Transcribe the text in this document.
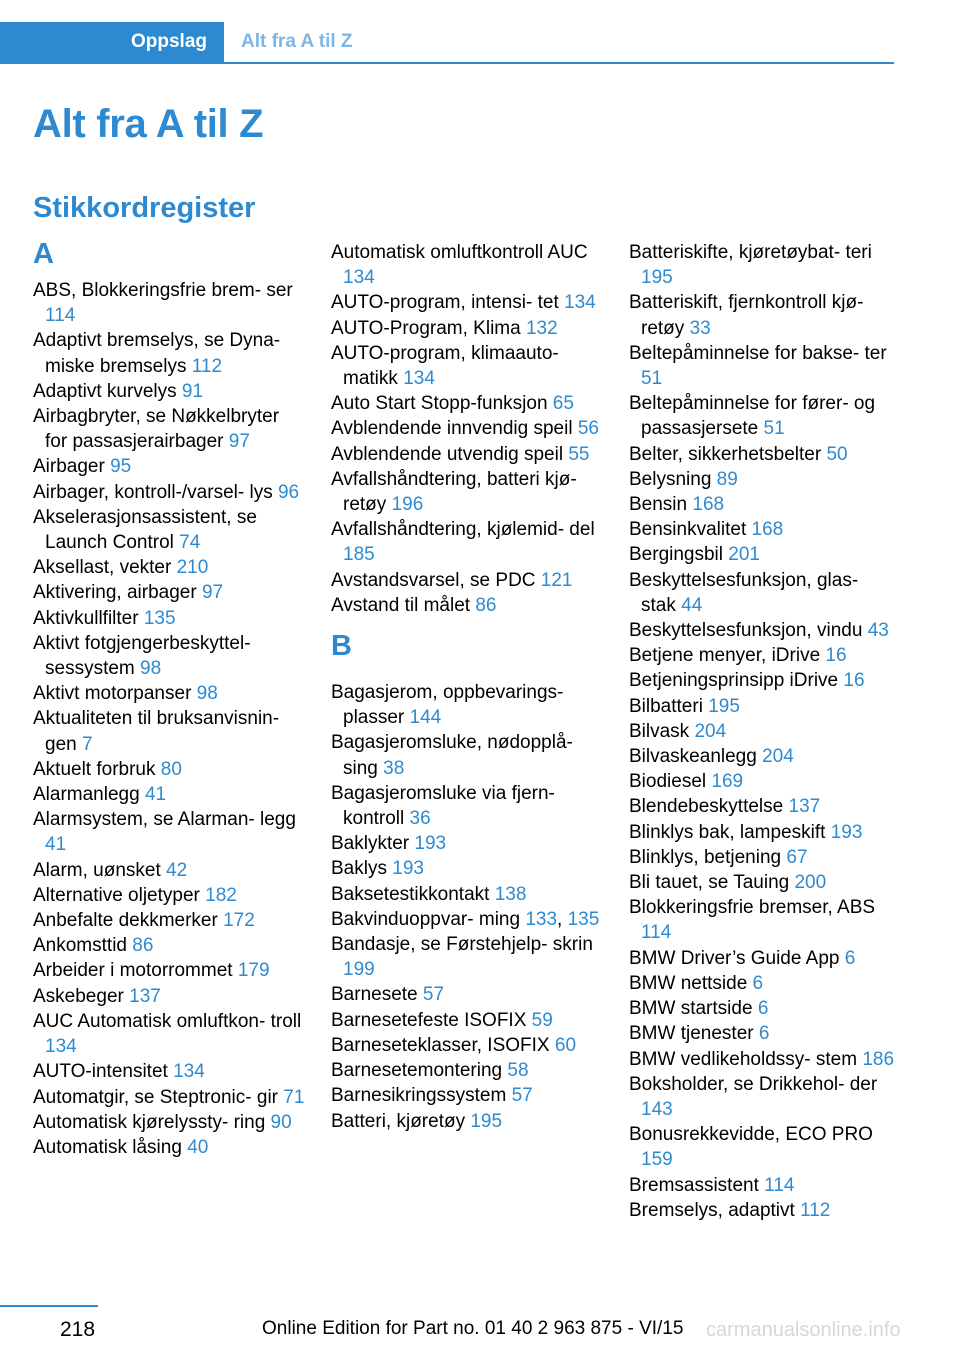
Oppslag Alt fra A til Z
Alt fra A til Z
Stikkordregister
A
ABS, Blokkeringsfrie brem- ser 114
Adaptivt bremselys, se Dyna- miske bremselys 112
Adaptivt kurvelys 91
Airbagbryter, se Nøkkelbryter for passasjerairbager 97
Airbager 95
Airbager, kontroll-/varsel- lys 96
Akselerasjonsassistent, se Launch Control 74
Aksellast, vekter 210
Aktivering, airbager 97
Aktivkullfilter 135
Aktivt fotgjengerbeskyttel- sessystem 98
Aktivt motorpanser 98
Aktualiteten til bruksanvisnin- gen 7
Aktuelt forbruk 80
Alarmanlegg 41
Alarmsystem, se Alarman- legg 41
Alarm, uønsket 42
Alternative oljetyper 182
Anbefalte dekkmerker 172
Ankomsttid 86
Arbeider i motorrommet 179
Askebeger 137
AUC Automatisk omluftkon- troll 134
AUTO-intensitet 134
Automatgir, se Steptronic- gir 71
Automatisk kjørelyssty- ring 90
Automatisk låsing 40
Automatisk omluftkontroll AUC 134
AUTO-program, intensi- tet 134
AUTO-Program, Klima 132
AUTO-program, klimaauto- matikk 134
Auto Start Stopp-funksjon 65
Avblendende innvendig speil 56
Avblendende utvendig speil 55
Avfallshåndtering, batteri kjø- retøy 196
Avfallshåndtering, kjølemid- del 185
Avstandsvarsel, se PDC 121
Avstand til målet 86
B
Bagasjerom, oppbevarings- plasser 144
Bagasjeromsluke, nødopplå- sing 38
Bagasjeromsluke via fjern- kontroll 36
Baklykter 193
Baklys 193
Baksetestikkontakt 138
Bakvinduoppvar- ming 133, 135
Bandasje, se Førstehjelp- skrin 199
Barnesete 57
Barnesetefeste ISOFIX 59
Barneseteklasser, ISOFIX 60
Barnesetemontering 58
Barnesikringssystem 57
Batteri, kjøretøy 195
Batteriskifte, kjøretøybat- teri 195
Batteriskift, fjernkontroll kjø- retøy 33
Beltepåminnelse for bakse- ter 51
Beltepåminnelse for fører- og passasjersete 51
Belter, sikkerhetsbelter 50
Belysning 89
Bensin 168
Bensinkvalitet 168
Bergingsbil 201
Beskyttelsesfunksjon, glas- stak 44
Beskyttelsesfunksjon, vindu 43
Betjene menyer, iDrive 16
Betjeningsprinsipp iDrive 16
Bilbatteri 195
Bilvask 204
Bilvaskeanlegg 204
Biodiesel 169
Blendebeskyttelse 137
Blinklys bak, lampeskift 193
Blinklys, betjening 67
Bli tauet, se Tauing 200
Blokkeringsfrie bremser, ABS 114
BMW Driver’s Guide App 6
BMW nettside 6
BMW startside 6
BMW tjenester 6
BMW vedlikeholdssy- stem 186
Boksholder, se Drikkehol- der 143
Bonusrekkevidde, ECO PRO 159
Bremsassistent 114
Bremselys, adaptivt 112
218	Online Edition for Part no. 01 40 2 963 875 - VI/15 carmanualsonline.info
